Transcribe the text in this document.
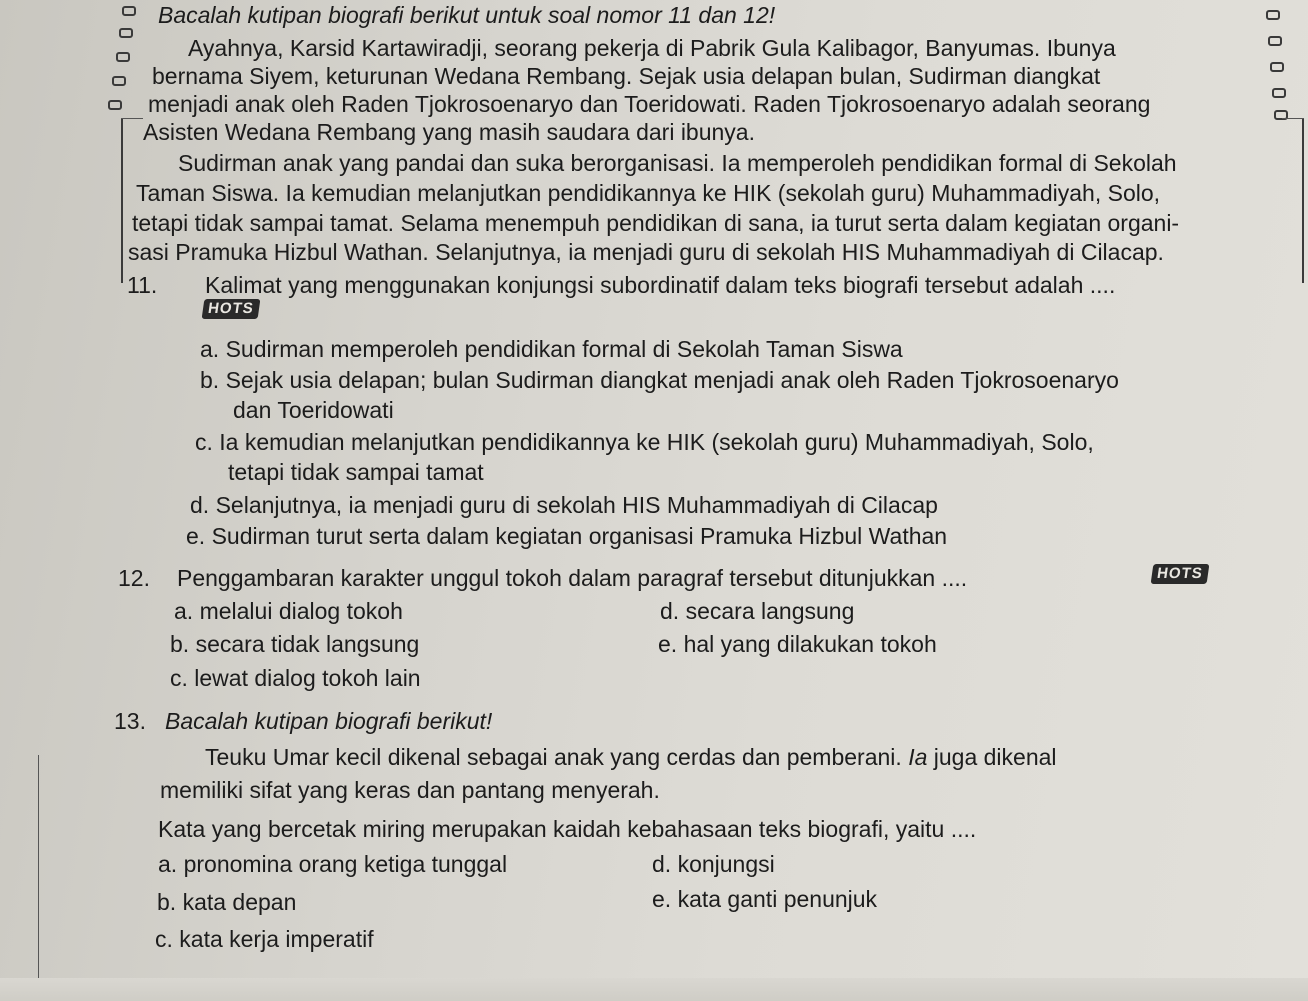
Bacalah kutipan biografi berikut untuk soal nomor 11 dan 12!
Ayahnya, Karsid Kartawiradji, seorang pekerja di Pabrik Gula Kalibagor, Banyumas. Ibunya
bernama Siyem, keturunan Wedana Rembang. Sejak usia delapan bulan, Sudirman diangkat
menjadi anak oleh Raden Tjokrosoenaryo dan Toeridowati. Raden Tjokrosoenaryo adalah seorang
Asisten Wedana Rembang yang masih saudara dari ibunya.
Sudirman anak yang pandai dan suka berorganisasi. Ia memperoleh pendidikan formal di Sekolah
Taman Siswa. Ia kemudian melanjutkan pendidikannya ke HIK (sekolah guru) Muhammadiyah, Solo,
tetapi tidak sampai tamat. Selama menempuh pendidikan di sana, ia turut serta dalam kegiatan organi-
sasi Pramuka Hizbul Wathan. Selanjutnya, ia menjadi guru di sekolah HIS Muhammadiyah di Cilacap.
11. Kalimat yang menggunakan konjungsi subordinatif dalam teks biografi tersebut adalah ....
HOTS
a. Sudirman memperoleh pendidikan formal di Sekolah Taman Siswa
b. Sejak usia delapan; bulan Sudirman diangkat menjadi anak oleh Raden Tjokrosoenaryo
dan Toeridowati
c. Ia kemudian melanjutkan pendidikannya ke HIK (sekolah guru) Muhammadiyah, Solo,
tetapi tidak sampai tamat
d. Selanjutnya, ia menjadi guru di sekolah HIS Muhammadiyah di Cilacap
e. Sudirman turut serta dalam kegiatan organisasi Pramuka Hizbul Wathan
12. Penggambaran karakter unggul tokoh dalam paragraf tersebut ditunjukkan ....	HOTS
a. melalui dialog tokoh
b. secara tidak langsung
c. lewat dialog tokoh lain
d. secara langsung
e. hal yang dilakukan tokoh
13. Bacalah kutipan biografi berikut!
Teuku Umar kecil dikenal sebagai anak yang cerdas dan pemberani. Ia juga dikenal
memiliki sifat yang keras dan pantang menyerah.
Kata yang bercetak miring merupakan kaidah kebahasaan teks biografi, yaitu ....
a. pronomina orang ketiga tunggal
b. kata depan
c. kata kerja imperatif
d. konjungsi
e. kata ganti penunjuk
